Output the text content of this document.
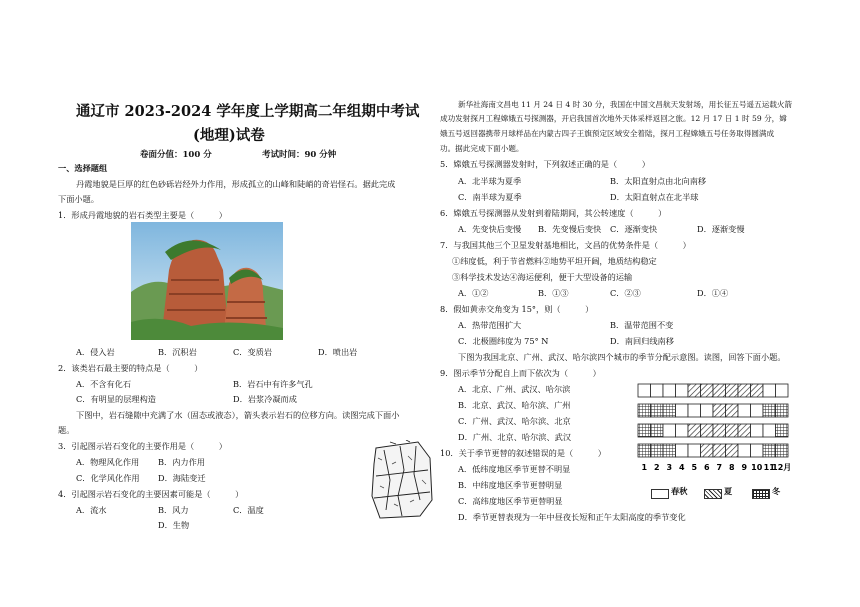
通辽市 2023-2024 学年度上学期高二年组期中考试
(地理)试卷
卷面分值：100 分	考试时间：90 分钟
一、选择题组
丹霞地貌是巨厚的红色砂砾岩经外力作用，形成孤立的山峰和陡峭的奇岩怪石。据此完成
下面小题。
1．形成丹霞地貌的岩石类型主要是（　　　）
A．侵入岩	B．沉积岩	C．变质岩	D．喷出岩
2．该类岩石最主要的特点是（　　　）
A．不含有化石	B．岩石中有许多气孔
C．有明显的层理构造	D．岩浆冷凝而成
下图中，岩石缝隙中充满了水（固态或液态），箭头表示岩石的位移方向。读图完成下面小
题。
3．引起图示岩石变化的主要作用是（　　　）
A．物理风化作用 B．内力作用
C．化学风化作用 D．海陆变迁
4．引起图示岩石变化的主要因素可能是（　　　）
A．流水	B．风力	C．温度
D．生物
新华社海南文昌电 11 月 24 日 4 时 30 分，我国在中国文昌航天发射场，用长征五号遥五运载火箭
成功发射探月工程嫦娥五号探测器，开启我国首次地外天体采样返回之旅。12 月 17 日 1 时 59 分，嫦
娥五号返回器携带月球样品在内蒙古四子王旗预定区域安全着陆，探月工程嫦娥五号任务取得圆满成
功。据此完成下面小题。
5．嫦娥五号探测器发射时，下列叙述正确的是（　　　）
A．北半球为夏季	B．太阳直射点由北向南移
C．南半球为夏季	D．太阳直射点在北半球
6．嫦娥五号探测器从发射到着陆期间，其公转速度（　　　）
A．先变快后变慢 B．先变慢后变快 C．逐渐变快	D．逐渐变慢
7．与我国其他三个卫星发射基地相比，文昌的优势条件是（　　　）
①纬度低，利于节省燃料②地势平坦开阔，地质结构稳定
③科学技术发达④海运便利，便于大型设备的运输
A．①②	B．①③	C．②③	D．①④
8．假如黄赤交角变为 15°，则（　　　）
A．热带范围扩大	B．温带范围不变
C．北极圈纬度为 75° N	D．南回归线南移
下图为我国北京、广州、武汉、哈尔滨四个城市的季节分配示意图。读图，回答下面小题。
9．图示季节分配自上而下依次为（　　　）
A．北京、广州、武汉、哈尔滨
B．北京、武汉、哈尔滨、广州
C．广州、武汉、哈尔滨、北京
D．广州、北京、哈尔滨、武汉
10．关于季节更替的叙述错误的是（　　　）
A．低纬度地区季节更替不明显
B．中纬度地区季节更替明显
C．高纬度地区季节更替明显
D．季节更替表现为一年中昼夜长短和正午太阳高度的季节变化
1 2 3 4 5 6 7 8 9 10 11
12月
春秋	夏	冬
